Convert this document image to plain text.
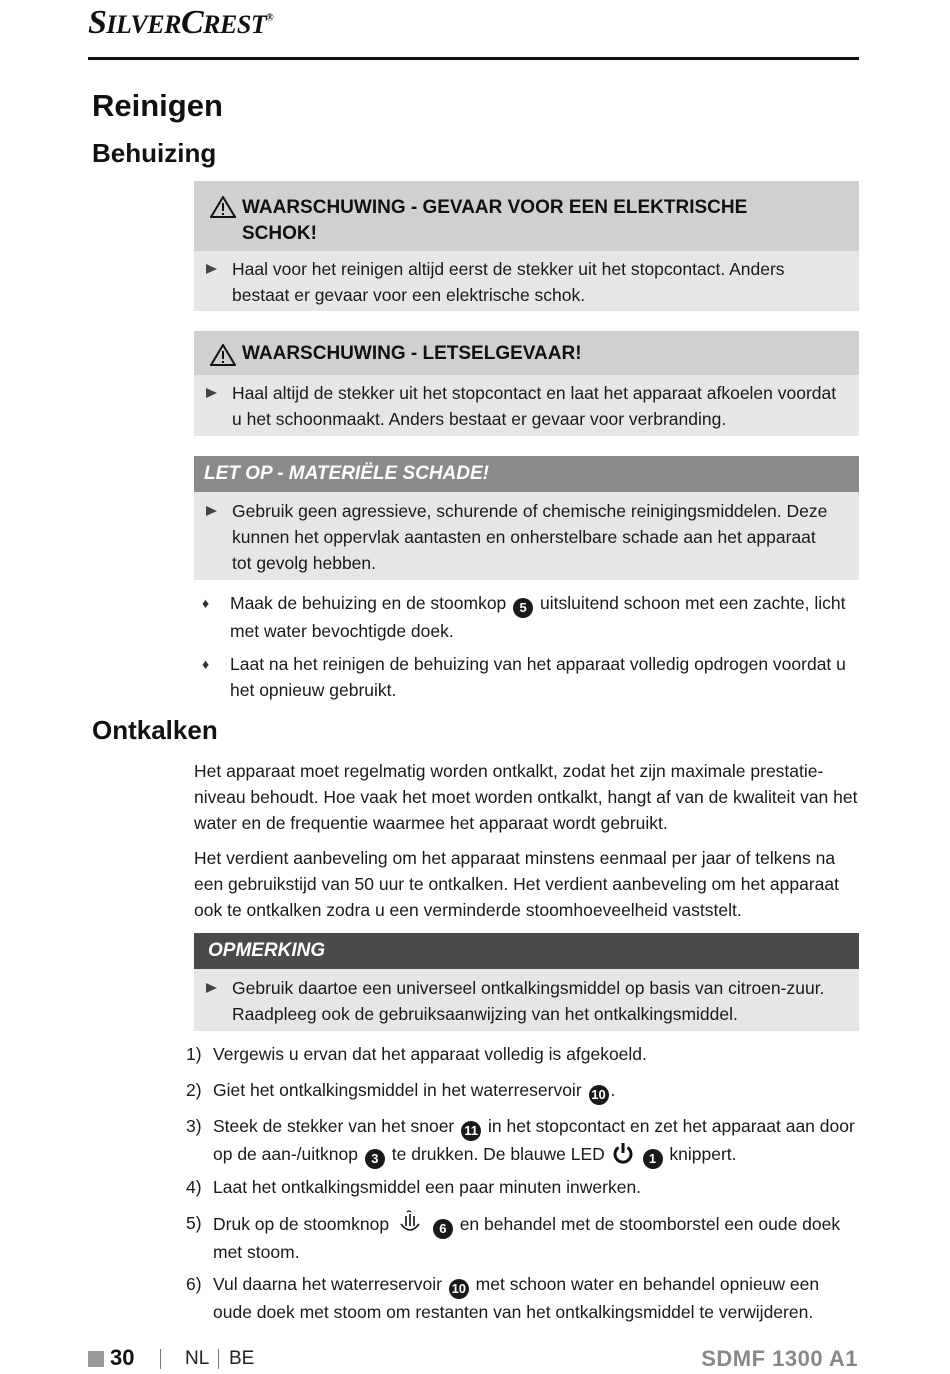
SILVERCREST®
Reinigen
Behuizing
WAARSCHUWING - GEVAAR VOOR EEN ELEKTRISCHE
SCHOK!
Haal voor het reinigen altijd eerst de stekker uit het stopcontact. Anders bestaat er gevaar voor een elektrische schok.
WAARSCHUWING - LETSELGEVAAR!
Haal altijd de stekker uit het stopcontact en laat het apparaat afkoelen voordat u het schoonmaakt. Anders bestaat er gevaar voor verbranding.
LET OP - MATERIËLE SCHADE!
Gebruik geen agressieve, schurende of chemische reinigingsmiddelen. Deze kunnen het oppervlak aantasten en onherstelbare schade aan het apparaat tot gevolg hebben.
♦	Maak de behuizing en de stoomkop 5 uitsluitend schoon met een zachte, licht met water bevochtigde doek.
♦	Laat na het reinigen de behuizing van het apparaat volledig opdrogen voordat u het opnieuw gebruikt.
Ontkalken
Het apparaat moet regelmatig worden ontkalkt, zodat het zijn maximale prestatie-niveau behoudt. Hoe vaak het moet worden ontkalkt, hangt af van de kwaliteit van het water en de frequentie waarmee het apparaat wordt gebruikt.
Het verdient aanbeveling om het apparaat minstens eenmaal per jaar of telkens na een gebruikstijd van 50 uur te ontkalken. Het verdient aanbeveling om het apparaat ook te ontkalken zodra u een verminderde stoomhoeveelheid vaststelt.
OPMERKING
Gebruik daartoe een universeel ontkalkingsmiddel op basis van citroen-zuur. Raadpleeg ook de gebruiksaanwijzing van het ontkalkingsmiddel.
1) Vergewis u ervan dat het apparaat volledig is afgekoeld.
2) Giet het ontkalkingsmiddel in het waterreservoir 10 .
3) Steek de stekker van het snoer 11 in het stopcontact en zet het apparaat aan door op de aan-/uitknop 3 te drukken. De blauwe LED	1 knippert.
4) Laat het ontkalkingsmiddel een paar minuten inwerken.
5) Druk op de stoomknop	6 en behandel met de stoomborstel een oude doek met stoom.
6) Vul daarna het waterreservoir 10 met schoon water en behandel opnieuw een oude doek met stoom om restanten van het ontkalkingsmiddel te verwijderen.
30	NL BE	SDMF 1300 A1
